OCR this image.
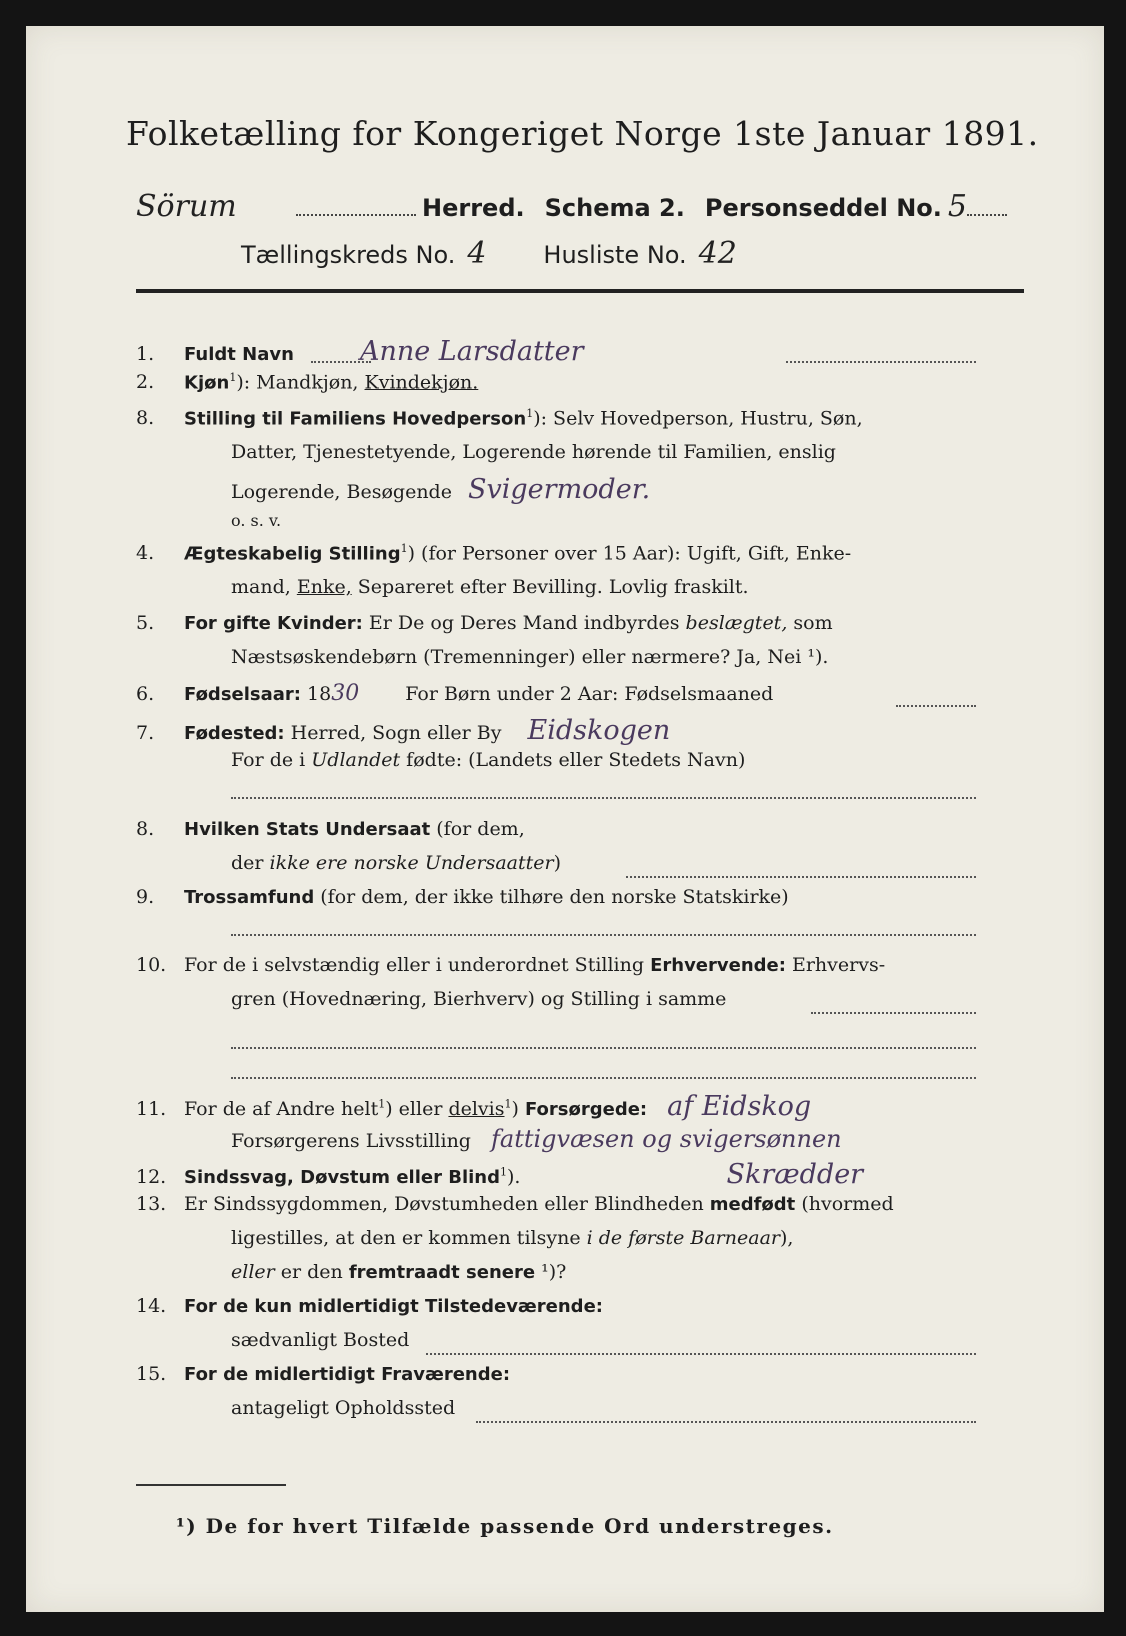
Folketælling for Kongeriget Norge 1ste Januar 1891.
Sörum	Herred. Schema 2. Personseddel No. 5
Tællingskreds No. 4	Husliste No. 42
1. Fuldt Navn Anne Larsdatter
2. Kjøn$^1$): Mandkjøn, Kvindekjøn.
8. Stilling til Familiens Hovedperson$^1$): Selv Hovedperson, Hustru, Søn,
Datter, Tjenestetyende, Logerende hørende til Familien, enslig
Logerende, Besøgende Svigermoder.
o. s. v.
4. Ægteskabelig Stilling$^1$) (for Personer over 15 Aar): Ugift, Gift, Enke-
mand, Enke, Separeret efter Bevilling. Lovlig fraskilt.
5. For gifte Kvinder: Er De og Deres Mand indbyrdes beslægtet, som
Næstsøskendebørn (Tremenninger) eller nærmere? Ja, Nei ¹).
6. Fødselsaar: 1830 For Børn under 2 Aar: Fødselsmaaned
7. Fødested: Herred, Sogn eller By Eidskogen
For de i Udlandet fødte: (Landets eller Stedets Navn)
8. Hvilken Stats Undersaat (for dem,
der ikke ere norske Undersaatter)
9. Trossamfund (for dem, der ikke tilhøre den norske Statskirke)
10. For de i selvstændig eller i underordnet Stilling Erhvervende: Erhvervs-
gren (Hovednæring, Bierhverv) og Stilling i samme
11. For de af Andre helt$^1$) eller delvis$^1$) Forsørgede: af Eidskog
Forsørgerens Livsstilling fattigvæsen og svigersønnen
12. Sindssvag, Døvstum eller Blind$^1$).	Skrædder
13. Er Sindssygdommen, Døvstumheden eller Blindheden medfødt (hvormed
ligestilles, at den er kommen tilsyne i de første Barneaar),
eller er den fremtraadt senere ¹)?
14. For de kun midlertidigt Tilstedeværende:
sædvanligt Bosted
15. For de midlertidigt Fraværende:
antageligt Opholdssted
¹) De for hvert Tilfælde passende Ord understreges.
